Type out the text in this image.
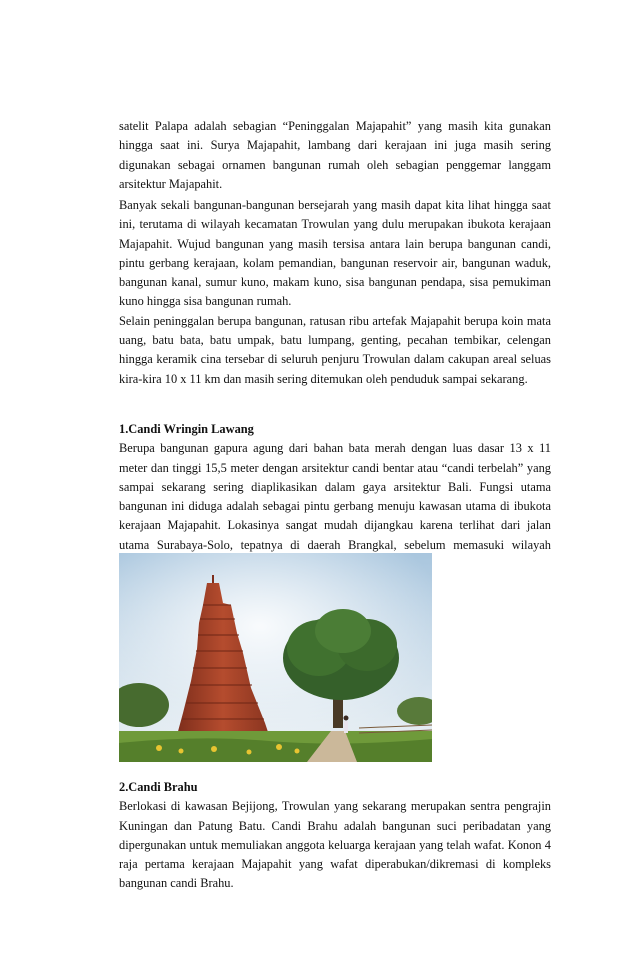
satelit Palapa adalah sebagian “Peninggalan Majapahit” yang masih kita gunakan hingga saat ini. Surya Majapahit, lambang dari kerajaan ini juga masih sering digunakan sebagai ornamen bangunan rumah oleh sebagian penggemar langgam arsitektur Majapahit.

Banyak sekali bangunan-bangunan bersejarah yang masih dapat kita lihat hingga saat ini, terutama di wilayah kecamatan Trowulan yang dulu merupakan ibukota kerajaan Majapahit. Wujud bangunan yang masih tersisa antara lain berupa bangunan candi, pintu gerbang kerajaan, kolam pemandian, bangunan reservoir air, bangunan waduk, bangunan kanal, sumur kuno, makam kuno, sisa bangunan pendapa, sisa pemukiman kuno hingga sisa bangunan rumah.

Selain peninggalan berupa bangunan, ratusan ribu artefak Majapahit berupa koin mata uang, batu bata, batu umpak, batu lumpang, genting, pecahan tembikar, celengan hingga keramik cina tersebar di seluruh penjuru Trowulan dalam cakupan areal seluas kira-kira 10 x 11 km dan masih sering ditemukan oleh penduduk sampai sekarang.

1.Candi Wringin Lawang

Berupa bangunan gapura agung dari bahan bata merah dengan luas dasar 13 x 11 meter dan tinggi 15,5 meter dengan arsitektur candi bentar atau “candi terbelah” yang sampai sekarang sering diaplikasikan dalam gaya arsitektur Bali. Fungsi utama bangunan ini diduga adalah sebagai pintu gerbang menuju kawasan utama di ibukota kerajaan Majapahit. Lokasinya sangat mudah dijangkau karena terlihat dari jalan utama Surabaya-Solo, tepatnya di daerah Brangkal, sebelum memasuki wilayah

2.Candi Brahu

Berlokasi di kawasan Bejijong, Trowulan yang sekarang merupakan sentra pengrajin Kuningan dan Patung Batu. Candi Brahu adalah bangunan suci peribadatan yang dipergunakan untuk memuliakan anggota keluarga kerajaan yang telah wafat. Konon 4 raja pertama kerajaan Majapahit yang wafat diperabukan/dikremasi di kompleks bangunan candi Brahu.
